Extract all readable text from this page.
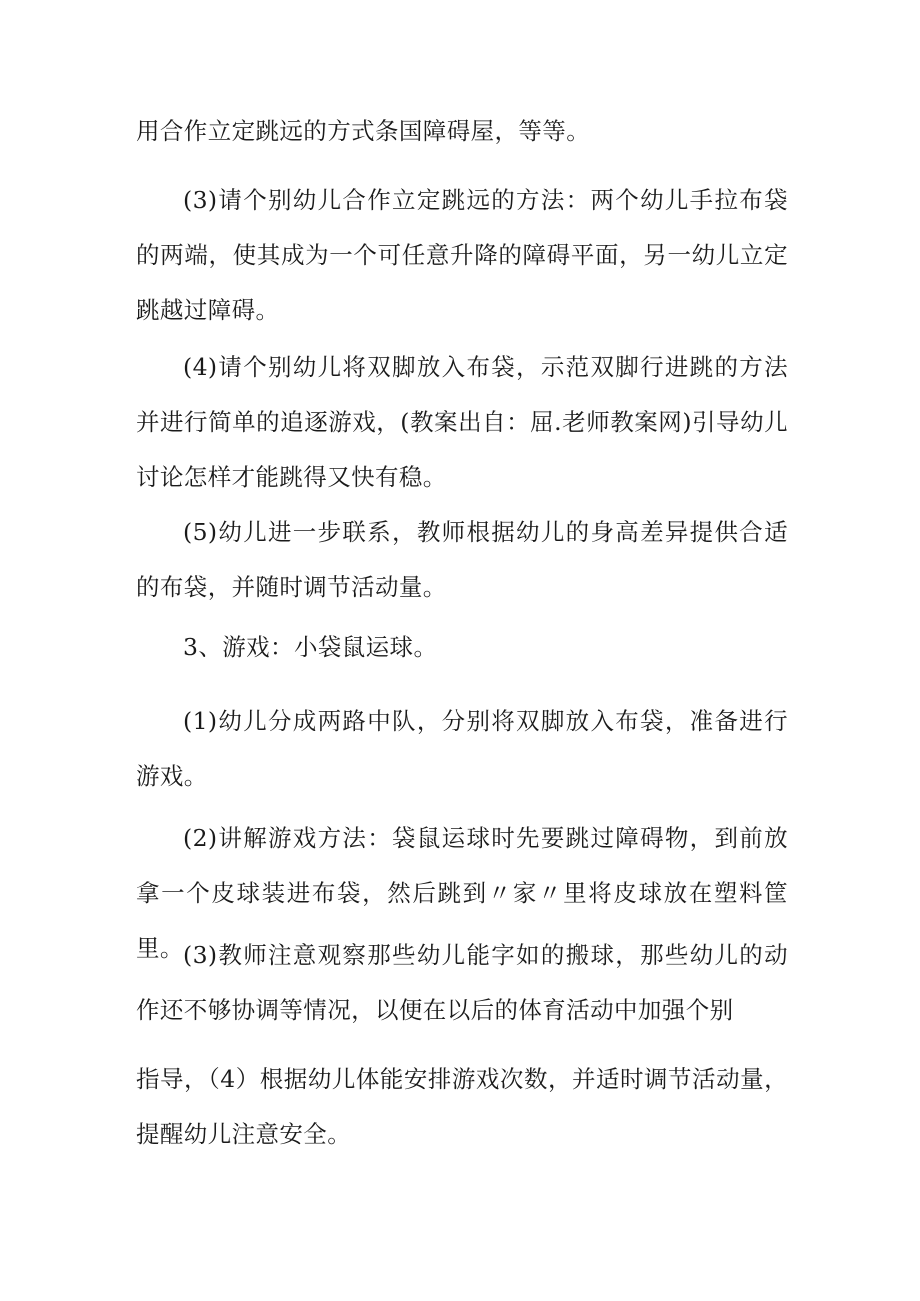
用合作立定跳远的方式条国障碍屋，等等。

(3)请个别幼儿合作立定跳远的方法：两个幼儿手拉布袋的两端，使其成为一个可任意升降的障碍平面，另一幼儿立定跳越过障碍。

(4)请个别幼儿将双脚放入布袋，示范双脚行进跳的方法并进行简单的追逐游戏，(教案出自：屈.老师教案网)引导幼儿讨论怎样才能跳得又快有稳。

(5)幼儿进一步联系，教师根据幼儿的身高差异提供合适的布袋，并随时调节活动量。

3、游戏：小袋鼠运球。

(1)幼儿分成两路中队，分别将双脚放入布袋，准备进行游戏。

(2)讲解游戏方法：袋鼠运球时先要跳过障碍物，到前放拿一个皮球装进布袋，然后跳到〃家〃里将皮球放在塑料筐里。 (3)教师注意观察那些幼儿能字如的搬球，那些幼儿的动作还不够协调等情况，以便在以后的体育活动中加强个别

指导，（4）根据幼儿体能安排游戏次数，并适时调节活动量，提醒幼儿注意安全。
